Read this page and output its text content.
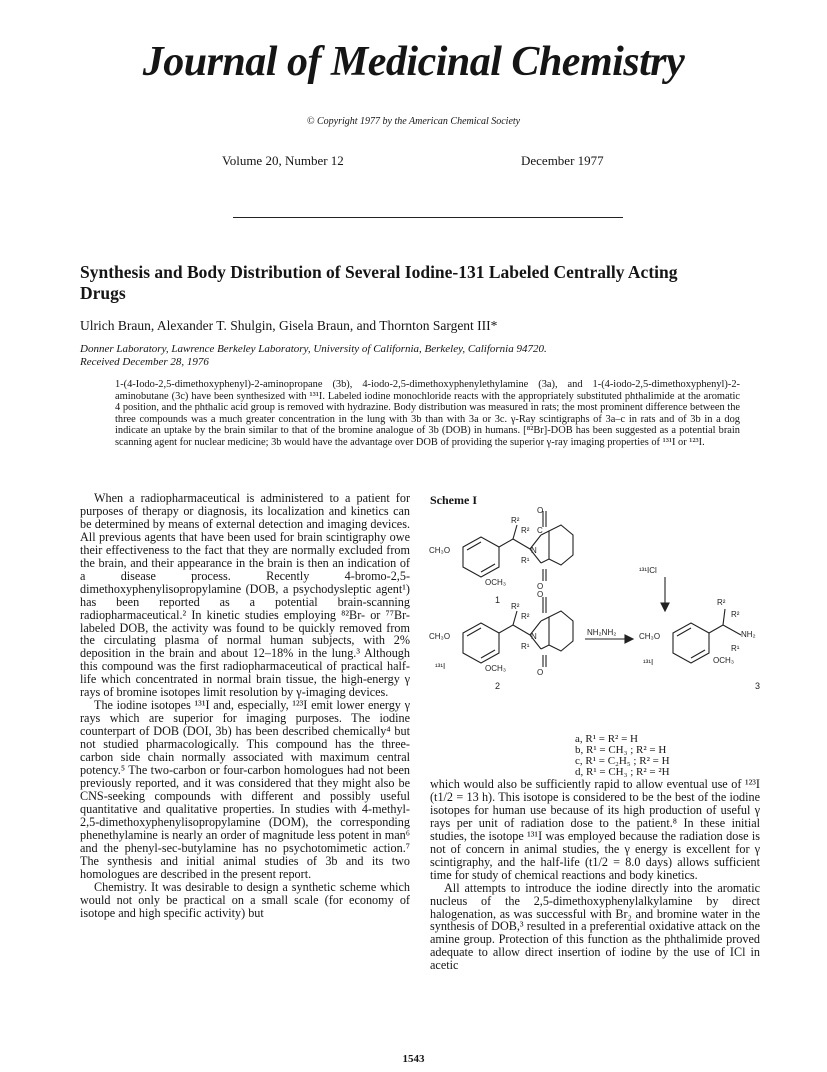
Journal of Medicinal Chemistry
© Copyright 1977 by the American Chemical Society
Volume 20, Number 12	December 1977
Synthesis and Body Distribution of Several Iodine-131 Labeled Centrally Acting Drugs
Ulrich Braun, Alexander T. Shulgin, Gisela Braun, and Thornton Sargent III*
Donner Laboratory, Lawrence Berkeley Laboratory, University of California, Berkeley, California 94720.
Received December 28, 1976
1-(4-Iodo-2,5-dimethoxyphenyl)-2-aminopropane (3b), 4-iodo-2,5-dimethoxyphenylethylamine (3a), and 1-(4-iodo-2,5-dimethoxyphenyl)-2-aminobutane (3c) have been synthesized with ¹³¹I. Labeled iodine monochloride reacts with the appropriately substituted phthalimide at the aromatic 4 position, and the phthalic acid group is removed with hydrazine. Body distribution was measured in rats; the most prominent difference between the three compounds was a much greater concentration in the lung with 3b than with 3a or 3c. γ-Ray scintigraphs of 3a–c in rats and of 3b in a dog indicate an uptake by the brain similar to that of the bromine analogue of 3b (DOB) in humans. [⁸²Br]-DOB has been suggested as a potential brain scanning agent for nuclear medicine; 3b would have the advantage over DOB of providing the superior γ-ray imaging properties of ¹³¹I or ¹²³I.

When a radiopharmaceutical is administered to a patient for purposes of therapy or diagnosis, its localization and kinetics can be determined by means of external detection and imaging devices. All previous agents that have been used for brain scintigraphy owe their effectiveness to the fact that they are normally excluded from the brain, and their appearance in the brain is then an indication of a disease process. Recently 4-bromo-2,5-dimethoxyphenylisopropylamine (DOB, a psychodysleptic agent¹) has been reported as a potential brain-scanning radiopharmaceutical.² In kinetic studies employing ⁸²Br- or ⁷⁷Br-labeled DOB, the activity was found to be quickly removed from the circulating plasma of normal human subjects, with 2% deposition in the brain and about 12–18% in the lung.³ Although this compound was the first radiopharmaceutical of practical half-life which concentrated in normal brain tissue, the high-energy γ rays of bromine isotopes limit resolution by γ-imaging devices.

The iodine isotopes ¹³¹I and, especially, ¹²³I emit lower energy γ rays which are superior for imaging purposes. The iodine counterpart of DOB (DOI, 3b) has been described chemically⁴ but not studied pharmacologically. This compound has the three-carbon side chain normally associated with maximum central potency.⁵ The two-carbon or four-carbon homologues had not been previously reported, and it was considered that they might also be CNS-seeking compounds with different and possibly useful quantitative and qualitative properties. In studies with 4-methyl-2,5-dimethoxyphenylisopropylamine (DOM), the corresponding phenethylamine is nearly an order of magnitude less potent in man⁶ and the phenyl-sec-butylamine has no psychotomimetic action.⁷ The synthesis and initial animal studies of 3b and its two homologues are described in the present report.

Chemistry. It was desirable to design a synthetic scheme which would not only be practical on a small scale (for economy of isotope and high specific activity) but

Scheme I
R²
R²
O
C
N
R¹
O
CH₃O
OCH₃
¹³¹ICl
1
R²
R²
O
N
R¹
O
CH₃O
OCH₃
¹³¹I
NH₂NH₂
2
R²
R²
NH₂
R¹
CH₃O
¹³¹I	OCH₃
3
a, R¹ = R² = H
b, R¹ = CH₃ ; R² = H
c, R¹ = C₂H₅ ; R² = H
d, R¹ = CH₃ ; R² = ²H

which would also be sufficiently rapid to allow eventual use of ¹²³I (t1/2 = 13 h). This isotope is considered to be the best of the iodine isotopes for human use because of its high production of useful γ rays per unit of radiation dose to the patient.⁸ In these initial studies, the isotope ¹³¹I was employed because the radiation dose is not of concern in animal studies, the γ energy is excellent for γ scintigraphy, and the half-life (t1/2 = 8.0 days) allows sufficient time for study of chemical reactions and body kinetics.

All attempts to introduce the iodine directly into the aromatic nucleus of the 2,5-dimethoxyphenylalkylamine by direct halogenation, as was successful with Br₂ and bromine water in the synthesis of DOB,³ resulted in a preferential oxidative attack on the amine group. Protection of this function as the phthalimide proved adequate to allow direct insertion of iodine by the use of ICl in acetic

1543
